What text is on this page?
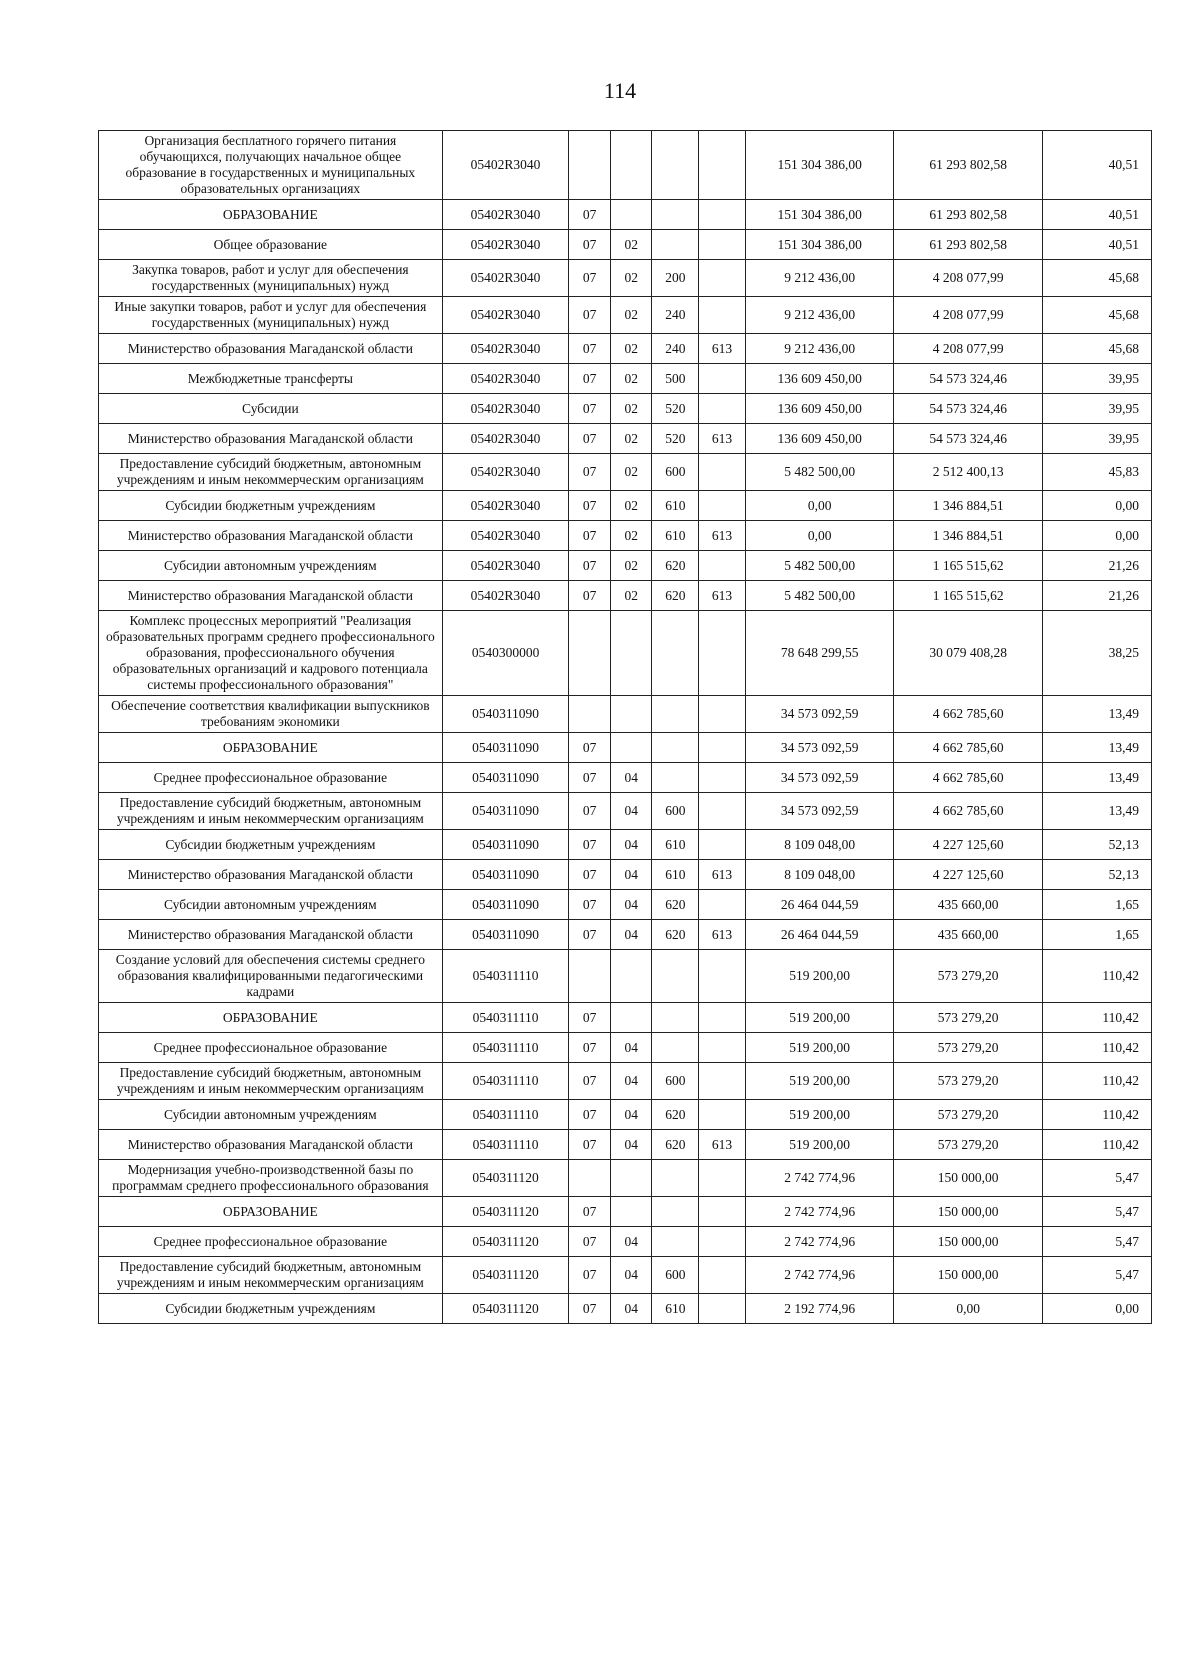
114
Организация бесплатного горячего питания обучающихся, получающих начальное общее образование в государственных и муниципальных образовательных организациях	05402R3040					151 304 386,00	61 293 802,58	40,51
ОБРАЗОВАНИЕ	05402R3040	07				151 304 386,00	61 293 802,58	40,51
Общее образование	05402R3040	07	02			151 304 386,00	61 293 802,58	40,51
Закупка товаров, работ и услуг для обеспечения государственных (муниципальных) нужд	05402R3040	07	02	200		9 212 436,00	4 208 077,99	45,68
Иные закупки товаров, работ и услуг для обеспечения государственных (муниципальных) нужд	05402R3040	07	02	240		9 212 436,00	4 208 077,99	45,68
Министерство образования Магаданской области	05402R3040	07	02	240	613	9 212 436,00	4 208 077,99	45,68
Межбюджетные трансферты	05402R3040	07	02	500		136 609 450,00	54 573 324,46	39,95
Субсидии	05402R3040	07	02	520		136 609 450,00	54 573 324,46	39,95
Министерство образования Магаданской области	05402R3040	07	02	520	613	136 609 450,00	54 573 324,46	39,95
Предоставление субсидий бюджетным, автономным учреждениям и иным некоммерческим организациям	05402R3040	07	02	600		5 482 500,00	2 512 400,13	45,83
Субсидии бюджетным учреждениям	05402R3040	07	02	610		0,00	1 346 884,51	0,00
Министерство образования Магаданской области	05402R3040	07	02	610	613	0,00	1 346 884,51	0,00
Субсидии автономным учреждениям	05402R3040	07	02	620		5 482 500,00	1 165 515,62	21,26
Министерство образования Магаданской области	05402R3040	07	02	620	613	5 482 500,00	1 165 515,62	21,26
Комплекс процессных мероприятий "Реализация образовательных программ среднего профессионального образования, профессионального обучения образовательных организаций и кадрового потенциала системы профессионального образования"	0540300000					78 648 299,55	30 079 408,28	38,25
Обеспечение соответствия квалификации выпускников требованиям экономики	0540311090					34 573 092,59	4 662 785,60	13,49
ОБРАЗОВАНИЕ	0540311090	07				34 573 092,59	4 662 785,60	13,49
Среднее профессиональное образование	0540311090	07	04			34 573 092,59	4 662 785,60	13,49
Предоставление субсидий бюджетным, автономным учреждениям и иным некоммерческим организациям	0540311090	07	04	600		34 573 092,59	4 662 785,60	13,49
Субсидии бюджетным учреждениям	0540311090	07	04	610		8 109 048,00	4 227 125,60	52,13
Министерство образования Магаданской области	0540311090	07	04	610	613	8 109 048,00	4 227 125,60	52,13
Субсидии автономным учреждениям	0540311090	07	04	620		26 464 044,59	435 660,00	1,65
Министерство образования Магаданской области	0540311090	07	04	620	613	26 464 044,59	435 660,00	1,65
Создание условий для обеспечения системы среднего образования квалифицированными педагогическими кадрами	0540311110					519 200,00	573 279,20	110,42
ОБРАЗОВАНИЕ	0540311110	07				519 200,00	573 279,20	110,42
Среднее профессиональное образование	0540311110	07	04			519 200,00	573 279,20	110,42
Предоставление субсидий бюджетным, автономным учреждениям и иным некоммерческим организациям	0540311110	07	04	600		519 200,00	573 279,20	110,42
Субсидии автономным учреждениям	0540311110	07	04	620		519 200,00	573 279,20	110,42
Министерство образования Магаданской области	0540311110	07	04	620	613	519 200,00	573 279,20	110,42
Модернизация учебно-производственной базы по программам среднего профессионального образования	0540311120					2 742 774,96	150 000,00	5,47
ОБРАЗОВАНИЕ	0540311120	07				2 742 774,96	150 000,00	5,47
Среднее профессиональное образование	0540311120	07	04			2 742 774,96	150 000,00	5,47
Предоставление субсидий бюджетным, автономным учреждениям и иным некоммерческим организациям	0540311120	07	04	600		2 742 774,96	150 000,00	5,47
Субсидии бюджетным учреждениям	0540311120	07	04	610		2 192 774,96	0,00	0,00
